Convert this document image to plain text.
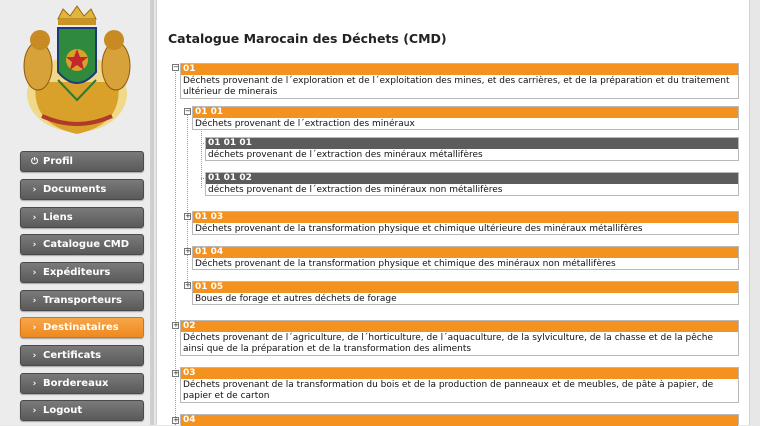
⏻ Profil
› Documents
› Liens
› Catalogue CMD
› Expéditeurs
› Transporteurs
› Destinataires
› Certificats
› Bordereaux
› Logout
Catalogue Marocain des Déchets (CMD)
−
−
+
+
+
+
+
+
01
Déchets provenant de l´exploration et de l´exploitation des mines, et des carrières, et de la préparation et du traitement ultérieur de minerais
01 01
Déchets provenant de l´extraction des minéraux
01 01 01
déchets provenant de l´extraction des minéraux métallifères
01 01 02
déchets provenant de l´extraction des minéraux non métallifères
01 03
Déchets provenant de la transformation physique et chimique ultérieure des minéraux métallifères
01 04
Déchets provenant de la transformation physique et chimique des minéraux non métallifères
01 05
Boues de forage et autres déchets de forage
02
Déchets provenant de l´agriculture, de l´horticulture, de l´aquaculture, de la sylviculture, de la chasse et de la pêche ainsi que de la préparation et de la transformation des aliments
03
Déchets provenant de la transformation du bois et de la production de panneaux et de meubles, de pâte à papier, de papier et de carton
04
